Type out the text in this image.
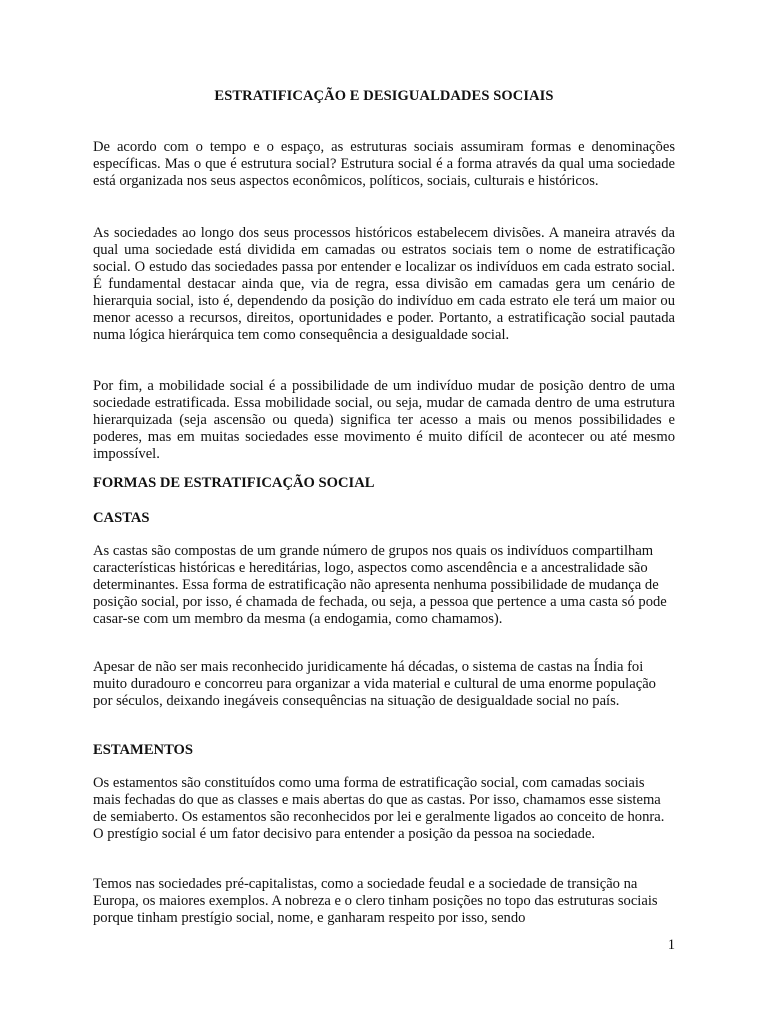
ESTRATIFICAÇÃO E DESIGUALDADES SOCIAIS

De acordo com o tempo e o espaço, as estruturas sociais assumiram formas e denominações específicas. Mas o que é estrutura social? Estrutura social é a forma através da qual uma sociedade está organizada nos seus aspectos econômicos, políticos, sociais, culturais e históricos.

As sociedades ao longo dos seus processos históricos estabelecem divisões. A maneira através da qual uma sociedade está dividida em camadas ou estratos sociais tem o nome de estratificação social. O estudo das sociedades passa por entender e localizar os indivíduos em cada estrato social. É fundamental destacar ainda que, via de regra, essa divisão em camadas gera um cenário de hierarquia social, isto é, dependendo da posição do indivíduo em cada estrato ele terá um maior ou menor acesso a recursos, direitos, oportunidades e poder. Portanto, a estratificação social pautada numa lógica hierárquica tem como consequência a desigualdade social.

Por fim, a mobilidade social é a possibilidade de um indivíduo mudar de posição dentro de uma sociedade estratificada. Essa mobilidade social, ou seja, mudar de camada dentro de uma estrutura hierarquizada (seja ascensão ou queda) significa ter acesso a mais ou menos possibilidades e poderes, mas em muitas sociedades esse movimento é muito difícil de acontecer ou até mesmo impossível.

FORMAS DE ESTRATIFICAÇÃO SOCIAL
CASTAS

As castas são compostas de um grande número de grupos nos quais os indivíduos compartilham características históricas e hereditárias, logo, aspectos como ascendência e a ancestralidade são determinantes. Essa forma de estratificação não apresenta nenhuma possibilidade de mudança de posição social, por isso, é chamada de fechada, ou seja, a pessoa que pertence a uma casta só pode casar-se com um membro da mesma (a endogamia, como chamamos).

Apesar de não ser mais reconhecido juridicamente há décadas, o sistema de castas na Índia foi muito duradouro e concorreu para organizar a vida material e cultural de uma enorme população por séculos, deixando inegáveis consequências na situação de desigualdade social no país.

ESTAMENTOS

Os estamentos são constituídos como uma forma de estratificação social, com camadas sociais mais fechadas do que as classes e mais abertas do que as castas. Por isso, chamamos esse sistema de semiaberto. Os estamentos são reconhecidos por lei e geralmente ligados ao conceito de honra. O prestígio social é um fator decisivo para entender a posição da pessoa na sociedade.

Temos nas sociedades pré-capitalistas, como a sociedade feudal e a sociedade de transição na Europa, os maiores exemplos. A nobreza e o clero tinham posições no topo das estruturas sociais porque tinham prestígio social, nome, e ganharam respeito por isso, sendo

1
